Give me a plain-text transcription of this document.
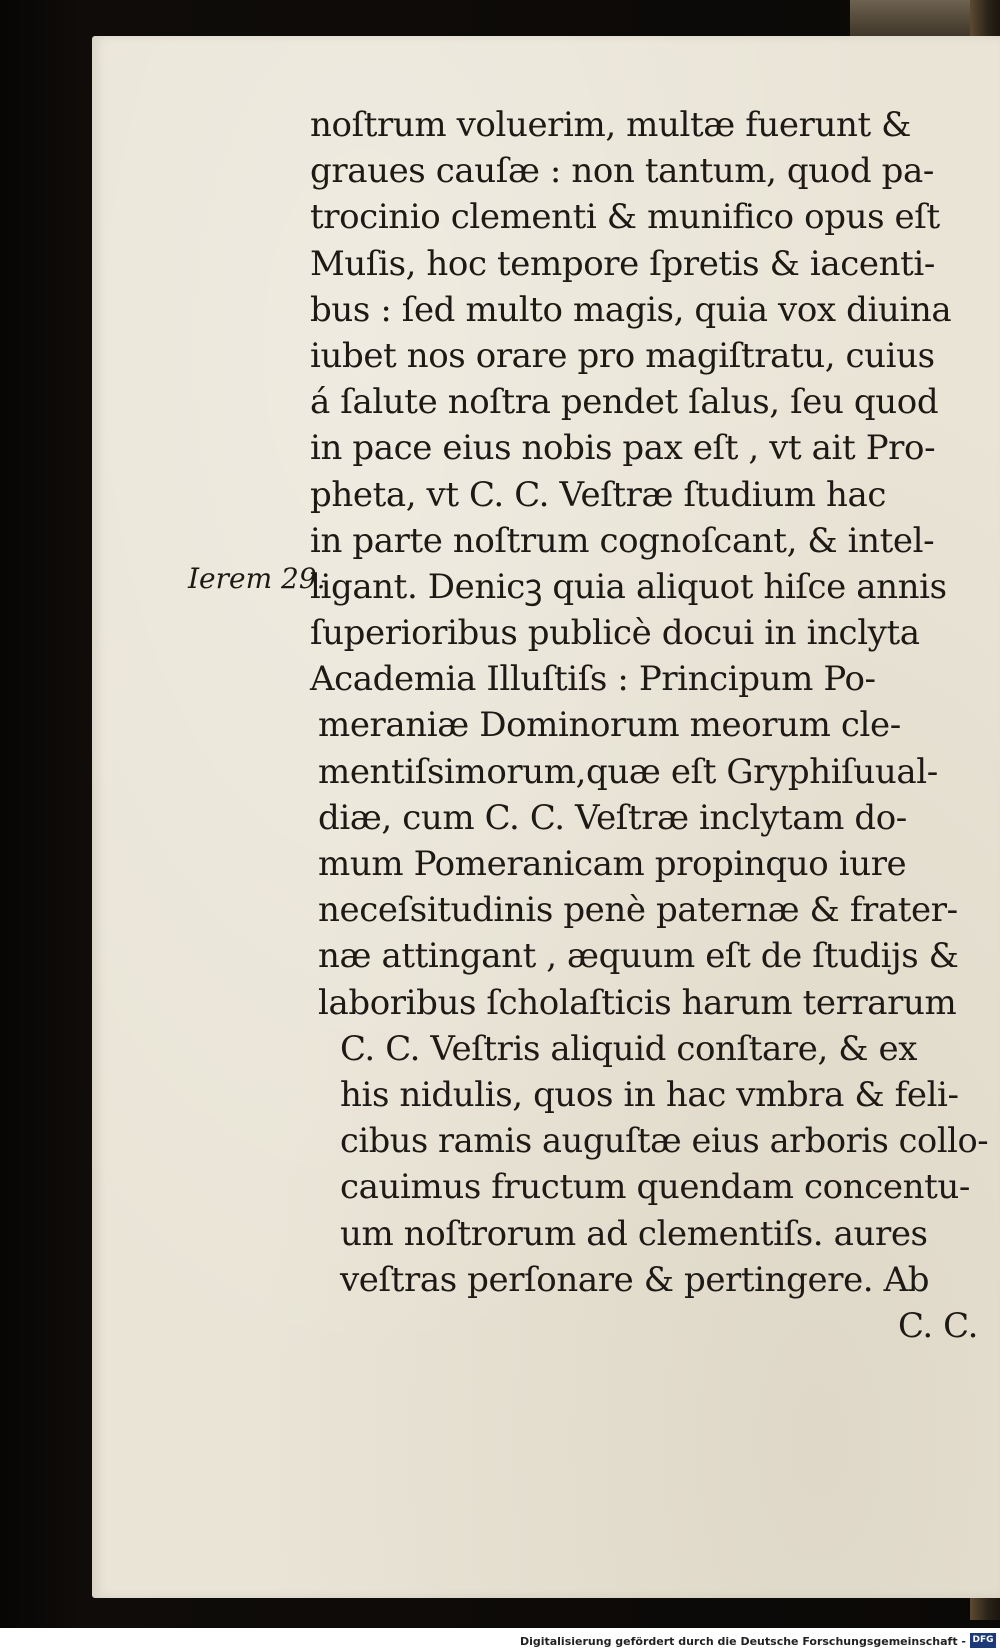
Ierem 29.
noſtrum voluerim, multæ fuerunt &
graues cauſæ : non tantum, quod pa-
trocinio clementi & munifico opus eſt
Muſis, hoc tempore ſpretis & iacenti-
bus : ſed multo magis, quia vox diuina
iubet nos orare pro magiſtratu, cuius
á ſalute noſtra pendet ſalus, ſeu quod
in pace eius nobis pax eſt , vt ait Pro-
pheta, vt C. C. Veſtræ ſtudium hac
in parte noſtrum cognoſcant, & intel-
ligant. Denicꝫ quia aliquot hiſce annis
ſuperioribus publicè docui in inclyta
Academia Illuſtiſs : Principum Po-
meraniæ Dominorum meorum cle-
mentiſsimorum,quæ eſt Gryphiſuual-
diæ, cum C. C. Veſtræ inclytam do-
mum Pomeranicam propinquo iure
neceſsitudinis penè paternæ & frater-
næ attingant , æquum eſt de ſtudijs &
laboribus ſcholaſticis harum terrarum
C. C. Veſtris aliquid conſtare, & ex
his nidulis, quos in hac vmbra & feli-
cibus ramis auguſtæ eius arboris collo-
cauimus fructum quendam concentu-
um noſtrorum ad clementiſs. aures
veſtras perſonare & pertingere. Ab
C. C.
Digitalisierung gefördert durch die Deutsche Forschungsgemeinschaft - DFG
